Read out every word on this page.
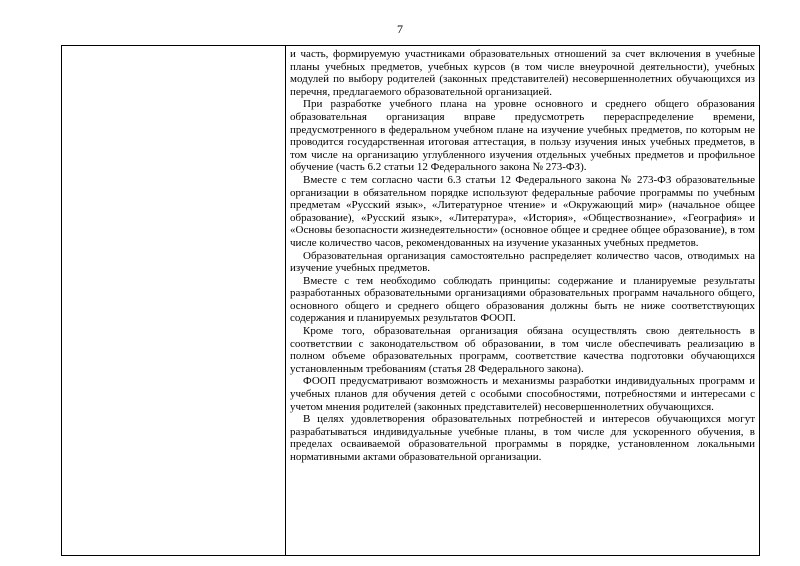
7

и часть, формируемую участниками образовательных отношений за счет включения в учебные планы учебных предметов, учебных курсов (в том числе внеурочной деятельности), учебных модулей по выбору родителей (законных представителей) несовершеннолетних обучающихся из перечня, предлагаемого образовательной организацией.

При разработке учебного плана на уровне основного и среднего общего образования образовательная организация вправе предусмотреть перераспределение времени, предусмотренного в федеральном учебном плане на изучение учебных предметов, по которым не проводится государственная итоговая аттестация, в пользу изучения иных учебных предметов, в том числе на организацию углубленного изучения отдельных учебных предметов и профильное обучение (часть 6.2 статьи 12 Федерального закона № 273-ФЗ).

Вместе с тем согласно части 6.3 статьи 12 Федерального закона № 273-ФЗ образовательные организации в обязательном порядке используют федеральные рабочие программы по учебным предметам «Русский язык», «Литературное чтение» и «Окружающий мир» (начальное общее образование), «Русский язык», «Литература», «История», «Обществознание», «География» и «Основы безопасности жизнедеятельности» (основное общее и среднее общее образование), в том числе количество часов, рекомендованных на изучение указанных учебных предметов.

Образовательная организация самостоятельно распределяет количество часов, отводимых на изучение учебных предметов.

Вместе с тем необходимо соблюдать принципы: содержание и планируемые результаты разработанных образовательными организациями образовательных программ начального общего, основного общего и среднего общего образования должны быть не ниже соответствующих содержания и планируемых результатов ФООП.

Кроме того, образовательная организация обязана осуществлять свою деятельность в соответствии с законодательством об образовании, в том числе обеспечивать реализацию в полном объеме образовательных программ, соответствие качества подготовки обучающихся установленным требованиям (статья 28 Федерального закона).

ФООП предусматривают возможность и механизмы разработки индивидуальных программ и учебных планов для обучения детей с особыми способностями, потребностями и интересами с учетом мнения родителей (законных представителей) несовершеннолетних обучающихся.

В целях удовлетворения образовательных потребностей и интересов обучающихся могут разрабатываться индивидуальные учебные планы, в том числе для ускоренного обучения, в пределах осваиваемой образовательной программы в порядке, установленном локальными нормативными актами образовательной организации.
